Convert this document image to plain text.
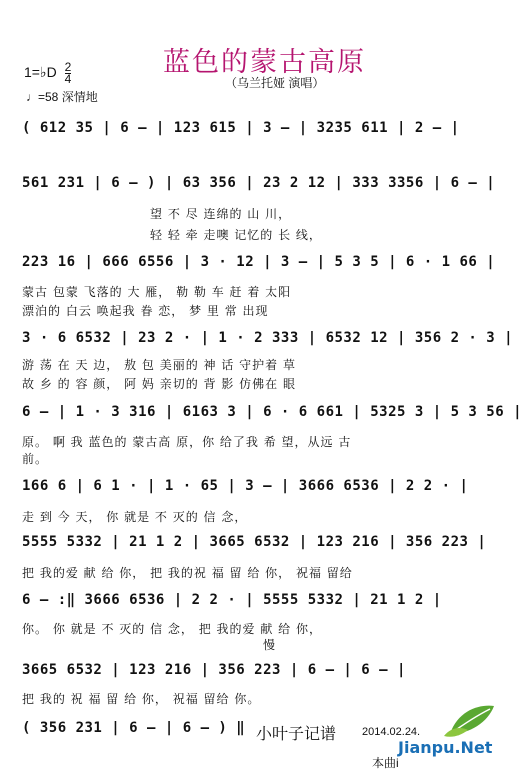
蓝色的蒙古高原
（乌兰托娅 演唱）
1=♭D $\frac{2}{4}$
♩=58 深情地
( 612 35 | 6 – | 123 615 | 3 – | 3235 611 | 2 – |
561 231 | 6 – ) | 63 356 | 23 2 12 | 333 3356 | 6 – |
望 不 尽 连绵的 山 川，
轻 轻 牵 走噢 记忆的 长 线，
223 16 | 666 6556 | 3 · 12 | 3 – | 5 3 5 | 6 · 1 66 |
蒙古 包蒙 飞落的 大 雁， 勒 勒 车 赶 着 太阳
漂泊的 白云 唤起我 眷 恋， 梦 里 常 出现
3 · 6 6532 | 23 2 · | 1 · 2 333 | 6532 12 | 356 2 · 3 |
游 荡 在 天 边， 敖 包 美丽的 神 话 守护着 草
故 乡 的 容 颜， 阿 妈 亲切的 背 影 仿佛在 眼
6 – | 1 · 3 316 | 6163 3 | 6 · 6 661 | 5325 3 | 5 3 56 |
原。 啊 我 蓝色的 蒙古高 原，你 给了我 希 望，从远 古
前。
166 6 | 6 1 · | 1 · 65 | 3 – | 3666 6536 | 2 2 · |
走 到 今 天， 你 就是 不 灭的 信 念，
5555 5332 | 21 1 2 | 3665 6532 | 123 216 | 356 223 |
把 我的爱 献 给 你， 把 我的祝 福 留 给 你， 祝福 留给
6 – :‖ 3666 6536 | 2 2 · | 5555 5332 | 21 1 2 |
你。 你 就是 不 灭的 信 念， 把 我的爱 献 给 你，
慢
3665 6532 | 123 216 | 356 223 | 6 – | 6 – |
把 我的 祝 福 留 给 你， 祝福 留给 你。
( 356 231 | 6 – | 6 – ) ‖ 小叶子记谱 2014.02.24.
Jianpu.Net
本曲i
